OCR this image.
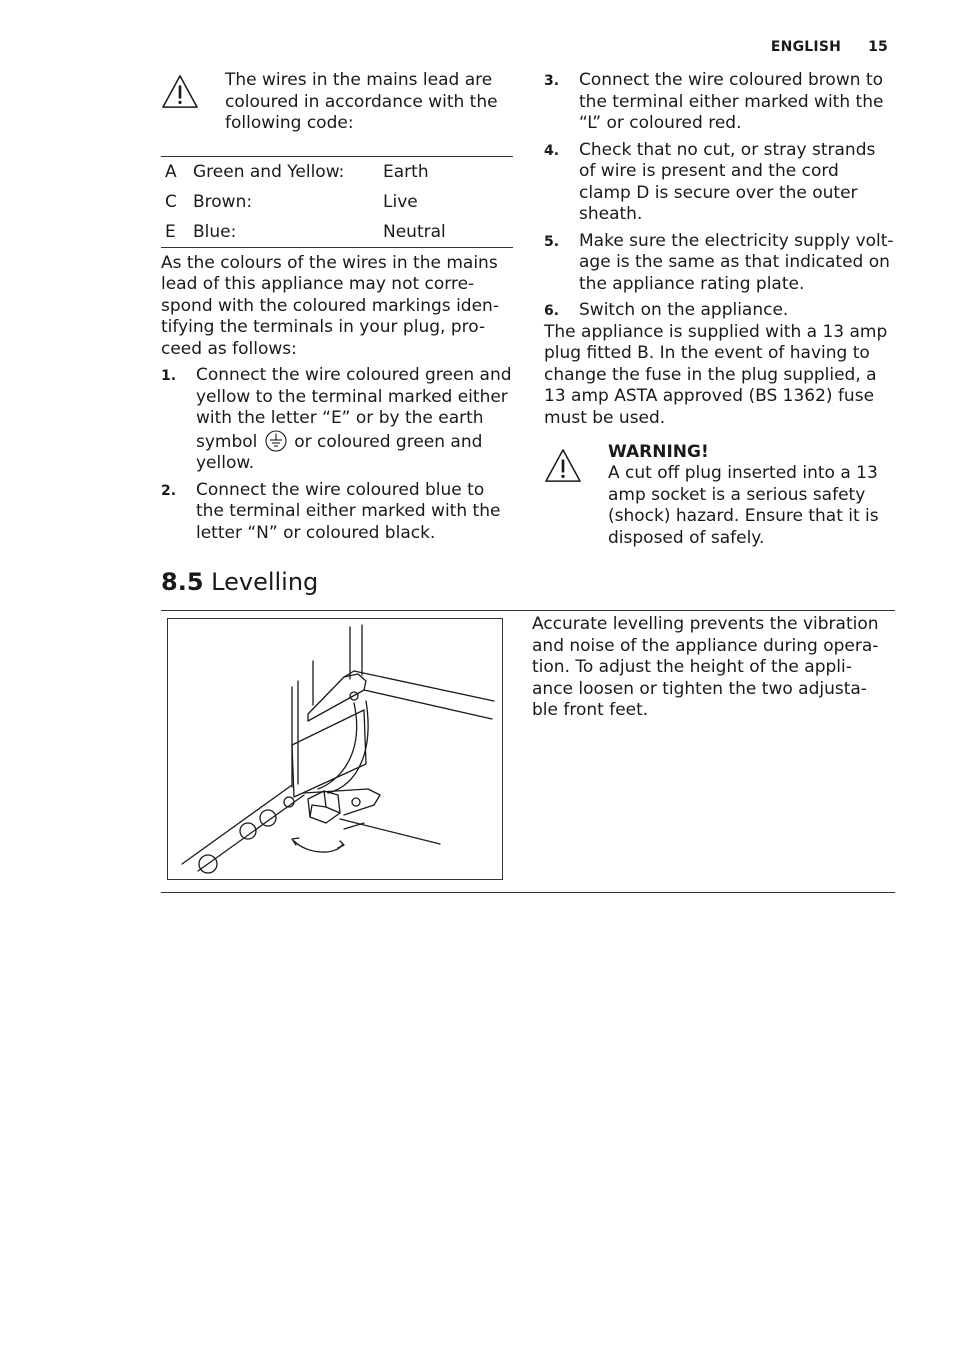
ENGLISH 15
The wires in the mains lead are coloured in accordance with the following code:
A	Green and Yellow:	Earth
C	Brown:	Live
E	Blue:	Neutral

As the colours of the wires in the mains lead of this appliance may not corre-spond with the coloured markings iden-tifying the terminals in your plug, pro-ceed as follows:

1. Connect the wire coloured green and yellow to the terminal marked either with the letter “E” or by the earth symbol or coloured green and yellow.
2. Connect the wire coloured blue to the terminal either marked with the letter “N” or coloured black.
3. Connect the wire coloured brown to the terminal either marked with the “L” or coloured red.
4. Check that no cut, or stray strands of wire is present and the cord clamp D is secure over the outer sheath.
5. Make sure the electricity supply volt-age is the same as that indicated on the appliance rating plate.
6. Switch on the appliance.

The appliance is supplied with a 13 amp plug fitted B. In the event of having to change the fuse in the plug supplied, a 13 amp ASTA approved (BS 1362) fuse must be used.

WARNING!
A cut off plug inserted into a 13 amp socket is a serious safety (shock) hazard. Ensure that it is disposed of safely.
8.5 Levelling

Accurate levelling prevents the vibration and noise of the appliance during opera-tion. To adjust the height of the appli-ance loosen or tighten the two adjusta-ble front feet.
